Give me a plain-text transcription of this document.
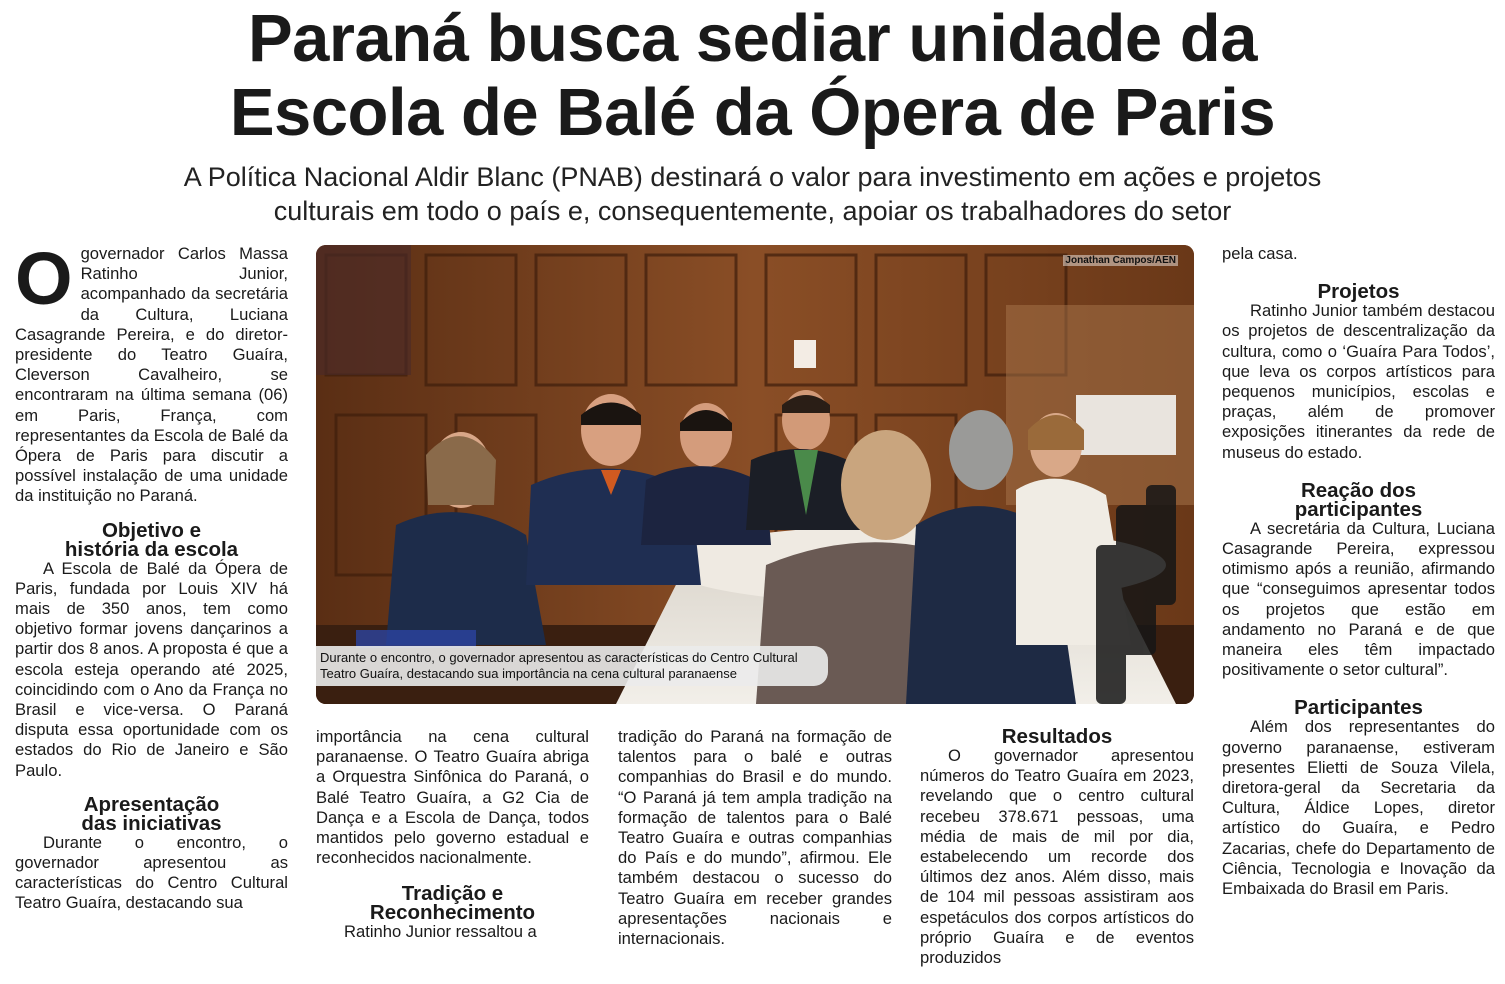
Paraná busca sediar unidade da
Escola de Balé da Ópera de Paris
A Política Nacional Aldir Blanc (PNAB) destinará o valor para investimento em ações e projetos
culturais em todo o país e, consequentemente, apoiar os trabalhadores do setor

Ogovernador Carlos Massa Ratinho Junior, acompanhado da secretária da Cultura, Luciana Casagrande Pereira, e do diretor-presidente do Teatro Guaíra, Cleverson Cavalheiro, se encontraram na última semana (06) em Paris, França, com representantes da Escola de Balé da Ópera de Paris para discutir a possível instalação de uma unidade da instituição no Paraná.

Objetivo e
história da escola

A Escola de Balé da Ópera de Paris, fundada por Louis XIV há mais de 350 anos, tem como objetivo formar jovens dançarinos a partir dos 8 anos. A proposta é que a escola esteja operando até 2025, coincidindo com o Ano da França no Brasil e vice-versa. O Paraná disputa essa oportunidade com os estados do Rio de Janeiro e São Paulo.

Apresentação
das iniciativas

Durante o encontro, o governador apresentou as características do Centro Cultural Teatro Guaíra, destacando sua

Jonathan Campos/AEN
Durante o encontro, o governador apresentou as características do Centro Cultural Teatro Guaíra, destacando sua importância na cena cultural paranaense

importância na cena cultural paranaense. O Teatro Guaíra abriga a Orquestra Sinfônica do Paraná, o Balé Teatro Guaíra, a G2 Cia de Dança e a Escola de Dança, todos mantidos pelo governo estadual e reconhecidos nacionalmente.

Tradição e
Reconhecimento

Ratinho Junior ressaltou a

tradição do Paraná na formação de talentos para o balé e outras companhias do Brasil e do mundo. “O Paraná já tem ampla tradição na formação de talentos para o Balé Teatro Guaíra e outras companhias do País e do mundo”, afirmou. Ele também destacou o sucesso do Teatro Guaíra em receber grandes apresentações nacionais e internacionais.

Resultados

O governador apresentou números do Teatro Guaíra em 2023, revelando que o centro cultural recebeu 378.671 pessoas, uma média de mais de mil por dia, estabelecendo um recorde dos últimos dez anos. Além disso, mais de 104 mil pessoas assistiram aos espetáculos dos corpos artísticos do próprio Guaíra e de eventos produzidos

pela casa.

Projetos

Ratinho Junior também destacou os projetos de descentralização da cultura, como o ‘Guaíra Para Todos’, que leva os corpos artísticos para pequenos municípios, escolas e praças, além de promover exposições itinerantes da rede de museus do estado.

Reação dos
participantes

A secretária da Cultura, Luciana Casagrande Pereira, expressou otimismo após a reunião, afirmando que “conseguimos apresentar todos os projetos que estão em andamento no Paraná e de que maneira eles têm impactado positivamente o setor cultural”.

Participantes

Além dos representantes do governo paranaense, estiveram presentes Elietti de Souza Vilela, diretora-geral da Secretaria da Cultura, Áldice Lopes, diretor artístico do Guaíra, e Pedro Zacarias, chefe do Departamento de Ciência, Tecnologia e Inovação da Embaixada do Brasil em Paris.
